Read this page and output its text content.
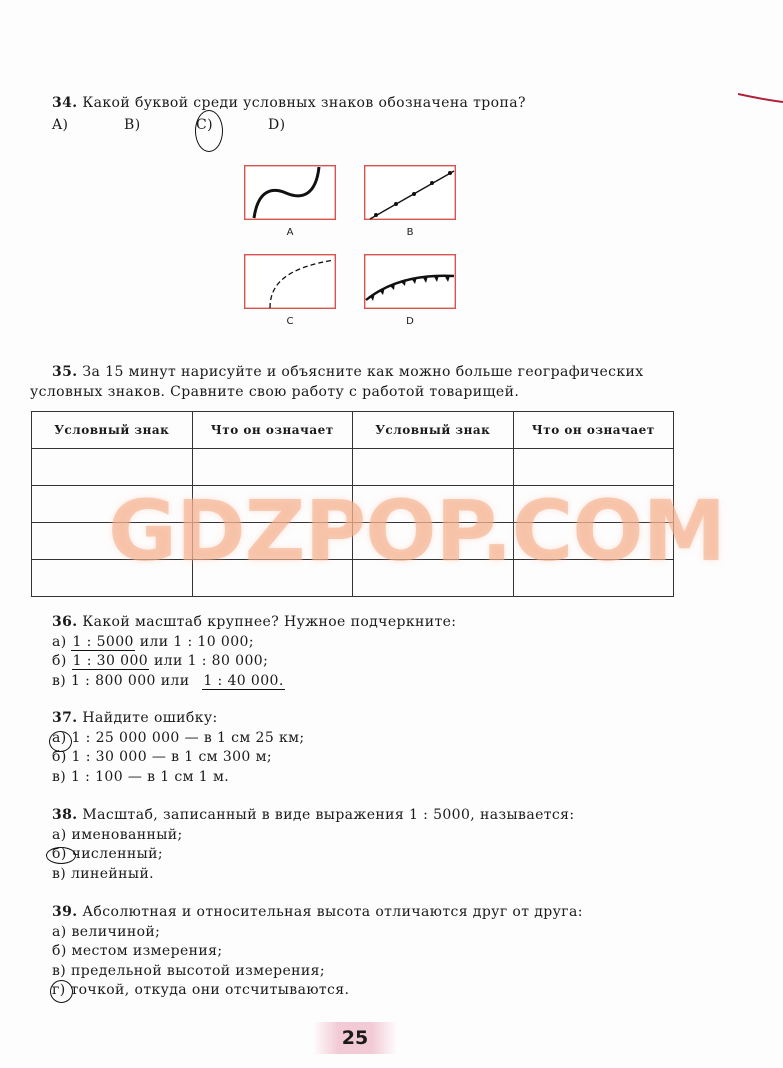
34. Какой буквой среди условных знаков обозначена тропа?
A)	B)	C)	D)
A	B
C	D
35. За 15 минут нарисуйте и объясните как можно больше географических
условных знаков. Сравните свою работу с работой товарищей.
Условный знак	Что он означает	Условный знак	Что он означает

GDZPOP.COM
36. Какой масштаб крупнее? Нужное подчеркните:
а) 1 : 5000 или 1 : 10 000;
б) 1 : 30 000 или 1 : 80 000;
в) 1 : 800 000 или 1 : 40 000.
37. Найдите ошибку:
а) 1 : 25 000 000 — в 1 см 25 км;
б) 1 : 30 000 — в 1 см 300 м;
в) 1 : 100 — в 1 см 1 м.
38. Масштаб, записанный в виде выражения 1 : 5000, называется:
а) именованный;
б) численный;
в) линейный.
39. Абсолютная и относительная высота отличаются друг от друга:
а) величиной;
б) местом измерения;
в) предельной высотой измерения;
г) точкой, откуда они отсчитываются.
25
